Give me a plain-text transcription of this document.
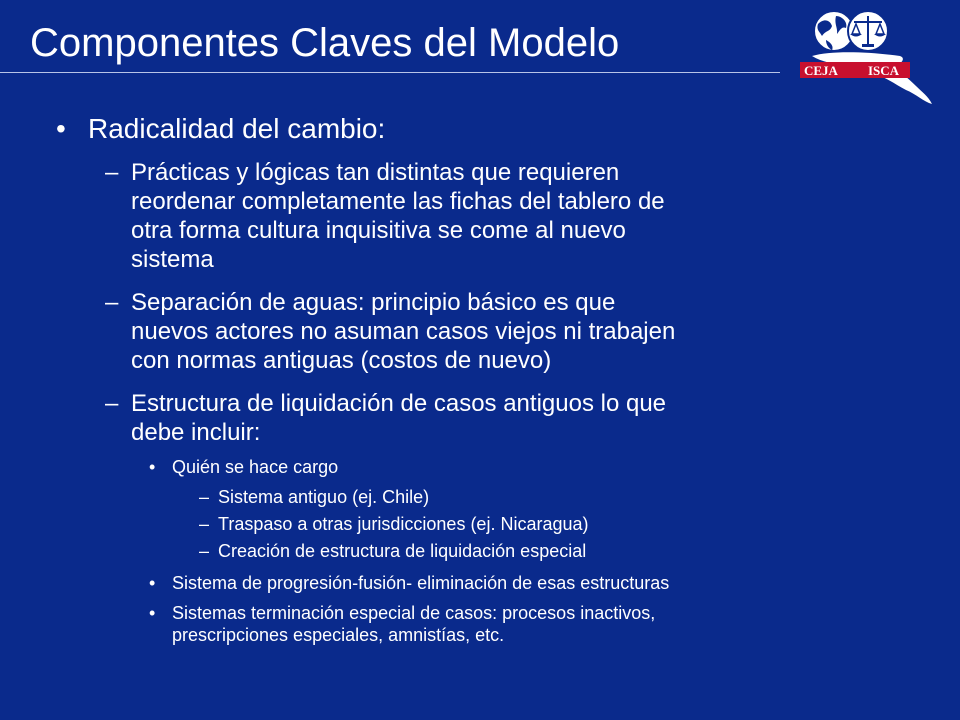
Componentes Claves del Modelo
CEJA ISCA
• Radicalidad del cambio:
– Prácticas y lógicas tan distintas que requieren
reordenar completamente las fichas del tablero de
otra forma cultura inquisitiva se come al nuevo
sistema
– Separación de aguas: principio básico es que
nuevos actores no asuman casos viejos ni trabajen
con normas antiguas (costos de nuevo)
– Estructura de liquidación de casos antiguos lo que
debe incluir:
• Quién se hace cargo
– Sistema antiguo (ej. Chile)
– Traspaso a otras jurisdicciones (ej. Nicaragua)
– Creación de estructura de liquidación especial
• Sistema de progresión-fusión- eliminación de esas estructuras
• Sistemas terminación especial de casos: procesos inactivos,
prescripciones especiales, amnistías, etc.
